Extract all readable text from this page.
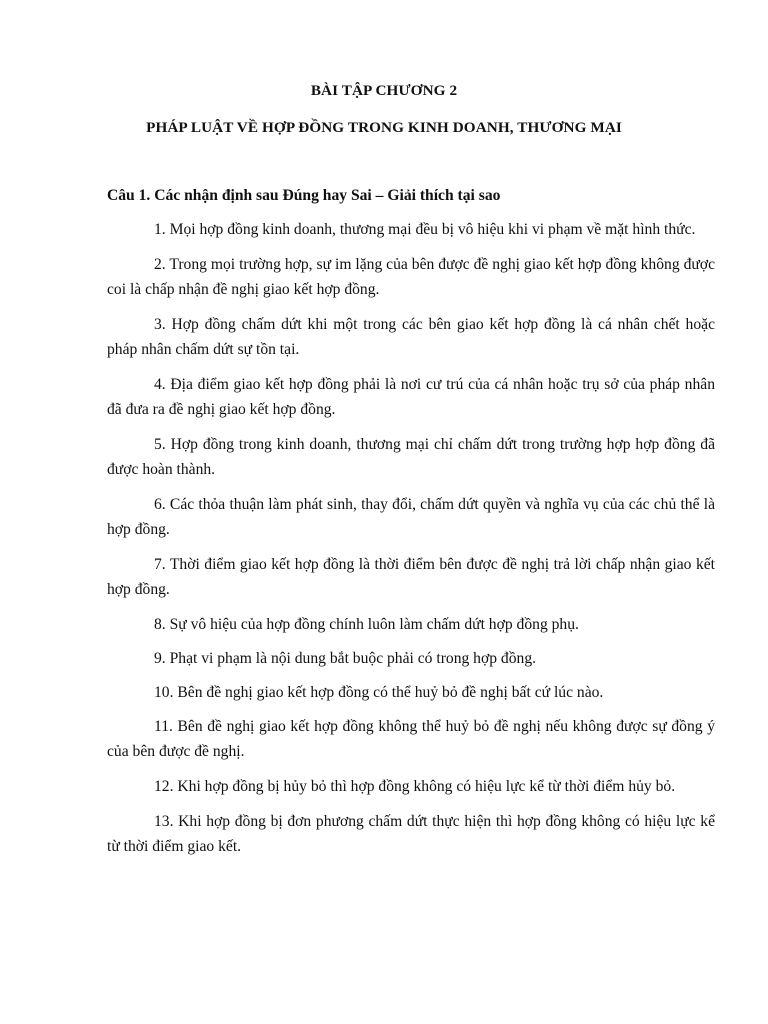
BÀI TẬP CHƯƠNG 2
PHÁP LUẬT VỀ HỢP ĐỒNG TRONG KINH DOANH, THƯƠNG MẠI
Câu 1. Các nhận định sau Đúng hay Sai – Giải thích tại sao

1. Mọi hợp đồng kinh doanh, thương mại đều bị vô hiệu khi vi phạm về mặt hình thức.

2. Trong mọi trường hợp, sự im lặng của bên được đề nghị giao kết hợp đồng không được coi là chấp nhận đề nghị giao kết hợp đồng.

3. Hợp đồng chấm dứt khi một trong các bên giao kết hợp đồng là cá nhân chết hoặc pháp nhân chấm dứt sự tồn tại.

4. Địa điểm giao kết hợp đồng phải là nơi cư trú của cá nhân hoặc trụ sở của pháp nhân đã đưa ra đề nghị giao kết hợp đồng.

5. Hợp đồng trong kinh doanh, thương mại chỉ chấm dứt trong trường hợp hợp đồng đã được hoàn thành.

6. Các thỏa thuận làm phát sinh, thay đổi, chấm dứt quyền và nghĩa vụ của các chủ thể là hợp đồng.

7. Thời điểm giao kết hợp đồng là thời điểm bên được đề nghị trả lời chấp nhận giao kết hợp đồng.

8. Sự vô hiệu của hợp đồng chính luôn làm chấm dứt hợp đồng phụ.

9. Phạt vi phạm là nội dung bắt buộc phải có trong hợp đồng.

10. Bên đề nghị giao kết hợp đồng có thể huỷ bỏ đề nghị bất cứ lúc nào.

11. Bên đề nghị giao kết hợp đồng không thể huỷ bỏ đề nghị nếu không được sự đồng ý của bên được đề nghị.

12. Khi hợp đồng bị hủy bỏ thì hợp đồng không có hiệu lực kể từ thời điểm hủy bỏ.

13. Khi hợp đồng bị đơn phương chấm dứt thực hiện thì hợp đồng không có hiệu lực kể từ thời điểm giao kết.
